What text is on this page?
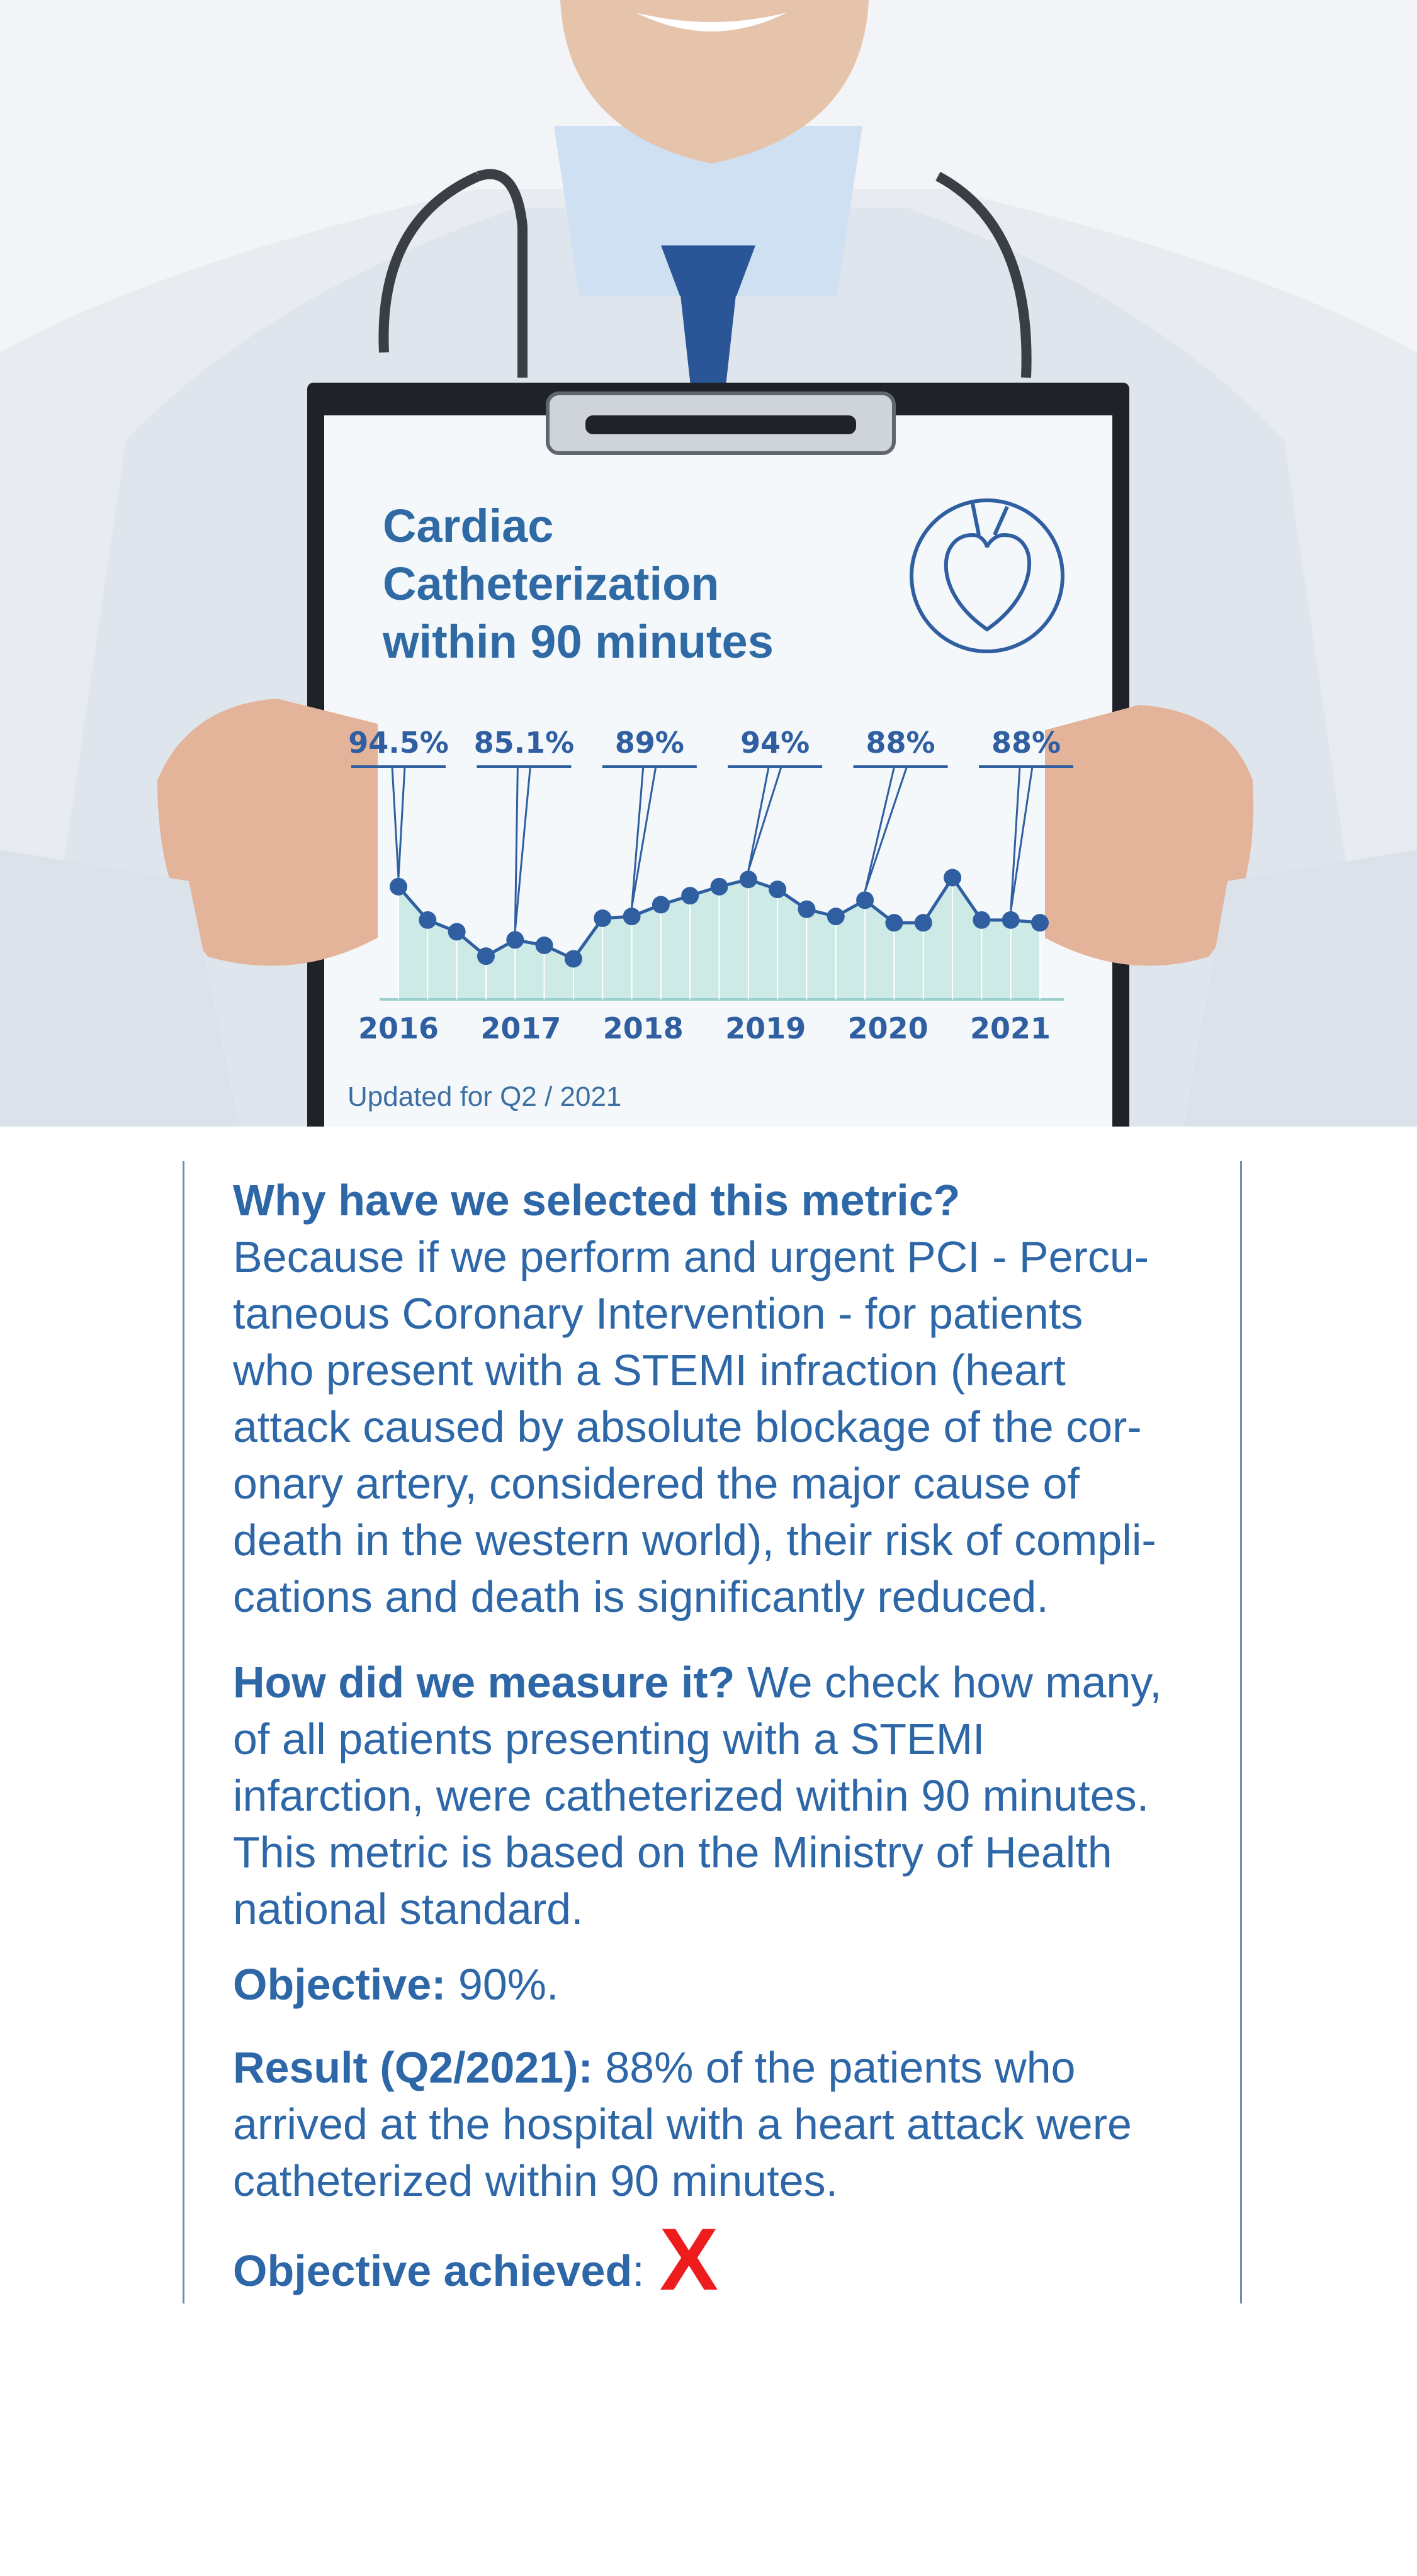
94.5% 85.1% 89% 94% 88% 88%
2016 2017 2018 2019 2020 2021
Cardiac
Catheterization
within 90 minutes
Updated for Q2 / 2021
Why have we selected this metric?
Because if we perform and urgent PCI - Percu-
taneous Coronary Intervention - for patients
who present with a STEMI infraction (heart
attack caused by absolute blockage of the cor-
onary artery, considered the major cause of
death in the western world), their risk of compli-
cations and death is significantly reduced.
How did we measure it? We check how many,
of all patients presenting with a STEMI
infarction, were catheterized within 90 minutes.
This metric is based on the Ministry of Health
national standard.
Objective: 90%.
Result (Q2/2021): 88% of the patients who
arrived at the hospital with a heart attack were
catheterized within 90 minutes.
Objective achieved: X
